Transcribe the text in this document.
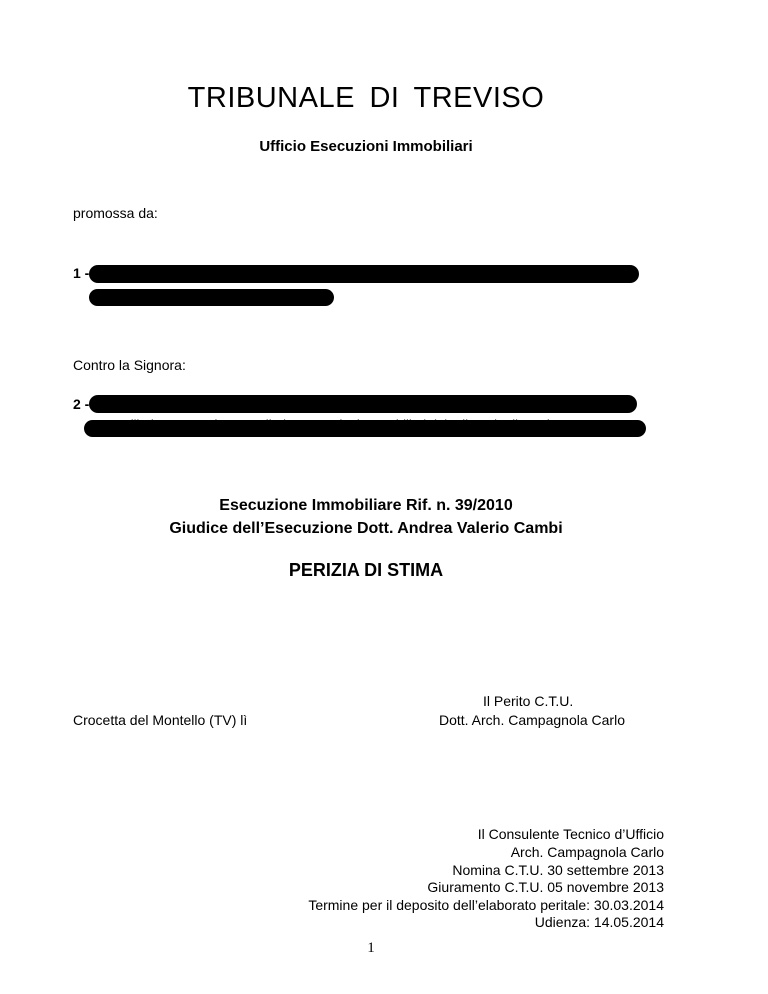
TRIBUNALE DI TREVISO
Ufficio Esecuzioni Immobiliari
promossa da:
1 -
Contro la Signora:
2 -	'Tri
Esecuzione Immobiliare Rif. n. 39/2010
Giudice dell’Esecuzione Dott. Andrea Valerio Cambi
PERIZIA DI STIMA
Il Perito C.T.U.
Crocetta del Montello (TV) lì	Dott. Arch. Campagnola Carlo
Il Consulente Tecnico d’Ufficio
Arch. Campagnola Carlo
Nomina C.T.U. 30 settembre 2013
Giuramento C.T.U. 05 novembre 2013
Termine per il deposito dell’elaborato peritale: 30.03.2014
Udienza: 14.05.2014
1
